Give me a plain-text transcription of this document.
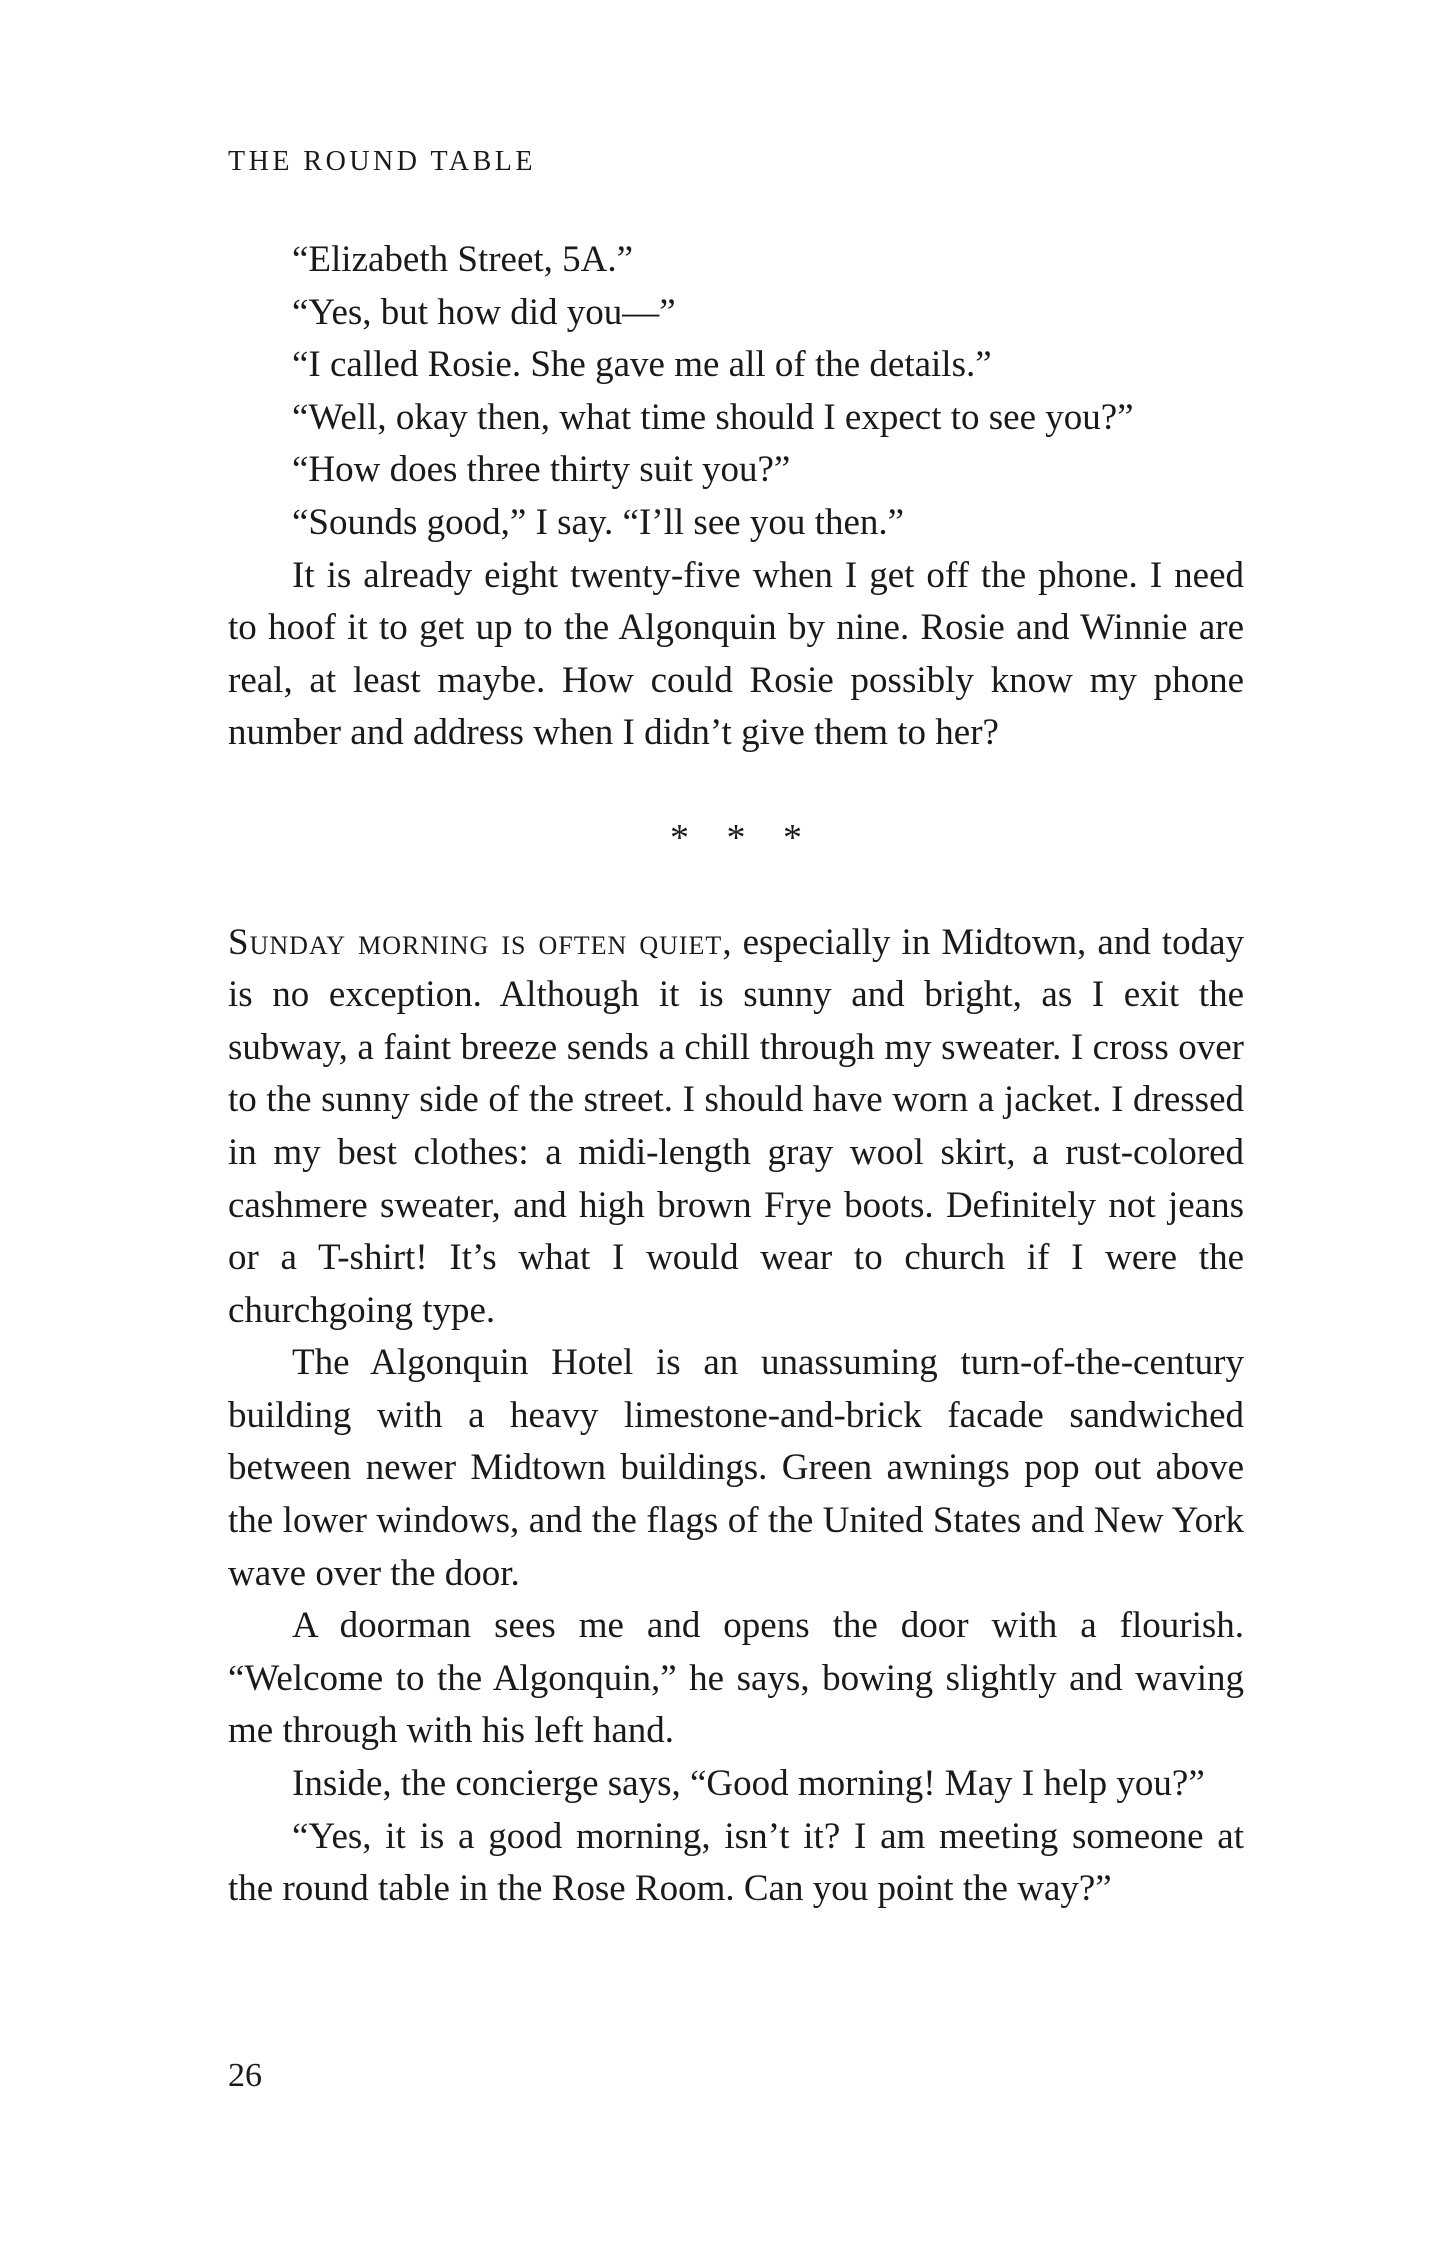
THE ROUND TABLE

“Elizabeth Street, 5A.”

“Yes, but how did you—”

“I called Rosie. She gave me all of the details.”

“Well, okay then, what time should I expect to see you?”

“How does three thirty suit you?”

“Sounds good,” I say. “I’ll see you then.”

It is already eight twenty-five when I get off the phone. I need to hoof it to get up to the Algonquin by nine. Rosie and Winnie are real, at least maybe. How could Rosie possibly know my phone number and address when I didn’t give them to her?

* * *

Sunday morning is often quiet, especially in Midtown, and today is no exception. Although it is sunny and bright, as I exit the subway, a faint breeze sends a chill through my sweater. I cross over to the sunny side of the street. I should have worn a jacket. I dressed in my best clothes: a midi-length gray wool skirt, a rust-colored cashmere sweater, and high brown Frye boots. Definitely not jeans or a T-shirt! It’s what I would wear to church if I were the churchgoing type.

The Algonquin Hotel is an unassuming turn-of-the-century building with a heavy limestone-and-brick facade sandwiched between newer Midtown buildings. Green awnings pop out above the lower windows, and the flags of the United States and New York wave over the door.

A doorman sees me and opens the door with a flourish. “Welcome to the Algonquin,” he says, bowing slightly and waving me through with his left hand.

Inside, the concierge says, “Good morning! May I help you?”

“Yes, it is a good morning, isn’t it? I am meeting someone at the round table in the Rose Room. Can you point the way?”

26
